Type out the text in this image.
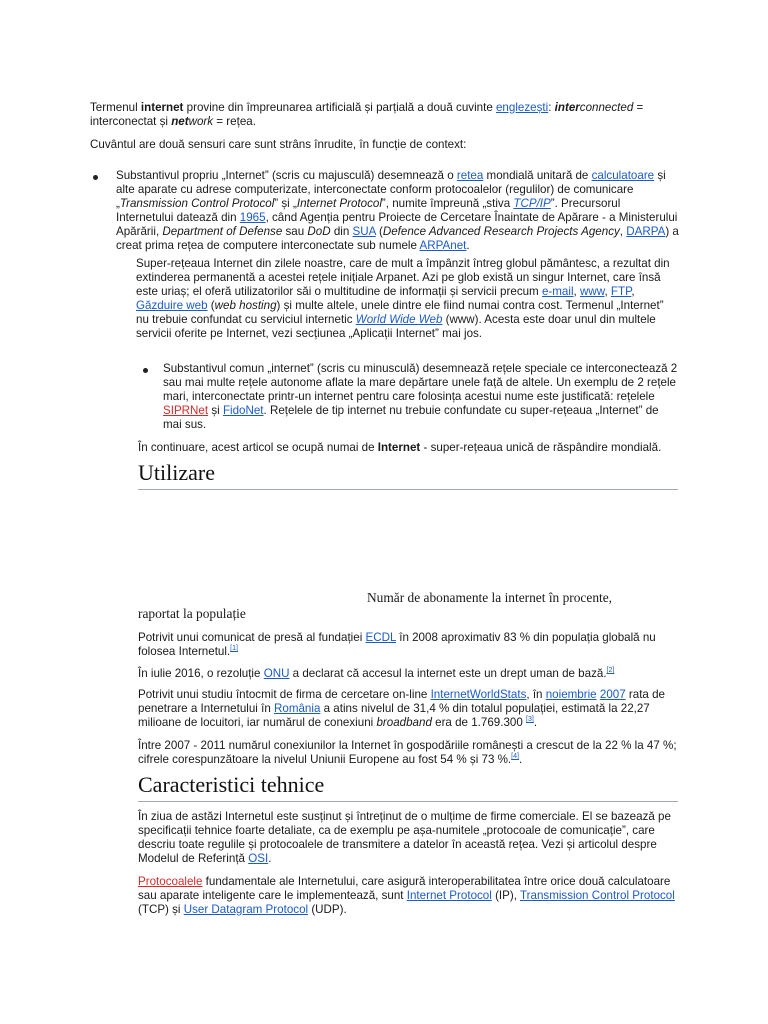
Termenul internet provine din împreunarea artificială și parțială a două cuvinte englezești: interconnected = interconectat și network = rețea.

Cuvântul are două sensuri care sunt strâns înrudite, în funcție de context:

Substantivul propriu „Internet” (scris cu majusculă) desemnează o retea mondială unitară de calculatoare și alte aparate cu adrese computerizate, interconectate conform protocoalelor (regulilor) de comunicare „Transmission Control Protocol” și „Internet Protocol”, numite împreună „stiva TCP/IP”. Precursorul Internetului datează din 1965, când Agenția pentru Proiecte de Cercetare Înaintate de Apărare - a Ministerului Apărării, Department of Defense sau DoD din SUA (Defence Advanced Research Projects Agency, DARPA) a creat prima rețea de computere interconectate sub numele ARPAnet.

Super-rețeaua Internet din zilele noastre, care de mult a împânzit întreg globul pământesc, a rezultat din extinderea permanentă a acestei rețele inițiale Arpanet. Azi pe glob există un singur Internet, care însă este uriaș; el oferă utilizatorilor săi o multitudine de informații și servicii precum e-mail, www, FTP, Găzduire web (web hosting) și multe altele, unele dintre ele fiind numai contra cost. Termenul „Internet” nu trebuie confundat cu serviciul internetic World Wide Web (www). Acesta este doar unul din multele servicii oferite pe Internet, vezi secțiunea „Aplicații Internet” mai jos.

Substantivul comun „internet” (scris cu minusculă) desemnează rețele speciale ce interconectează 2 sau mai multe rețele autonome aflate la mare depărtare unele față de altele. Un exemplu de 2 rețele mari, interconectate printr-un internet pentru care folosința acestui nume este justificată: rețelele SIPRNet și FidoNet. Rețelele de tip internet nu trebuie confundate cu super-rețeaua „Internet” de mai sus.

În continuare, acest articol se ocupă numai de Internet - super-rețeaua unică de răspândire mondială.

Utilizare
Număr de abonamente la internet în procente,
raportat la populație

Potrivit unui comunicat de presă al fundației ECDL în 2008 aproximativ 83 % din populația globală nu folosea Internetul.[1]

În iulie 2016, o rezoluție ONU a declarat că accesul la internet este un drept uman de bază.[2]

Potrivit unui studiu întocmit de firma de cercetare on-line InternetWorldStats, în noiembrie 2007 rata de penetrare a Internetului în România a atins nivelul de 31,4 % din totalul populației, estimată la 22,27 milioane de locuitori, iar numărul de conexiuni broadband era de 1.769.300 [3].

Între 2007 - 2011 numărul conexiunilor la Internet în gospodăriile românești a crescut de la 22 % la 47 %; cifrele corespunzătoare la nivelul Uniunii Europene au fost 54 % și 73 %.[4].

Caracteristici tehnice

În ziua de astăzi Internetul este susținut și întreținut de o mulțime de firme comerciale. El se bazează pe specificații tehnice foarte detaliate, ca de exemplu pe așa-numitele „protocoale de comunicație”, care descriu toate regulile și protocoalele de transmitere a datelor în această rețea. Vezi și articolul despre Modelul de Referință OSI.

Protocoalele fundamentale ale Internetului, care asigură interoperabilitatea între orice două calculatoare sau aparate inteligente care le implementează, sunt Internet Protocol (IP), Transmission Control Protocol (TCP) și User Datagram Protocol (UDP).
